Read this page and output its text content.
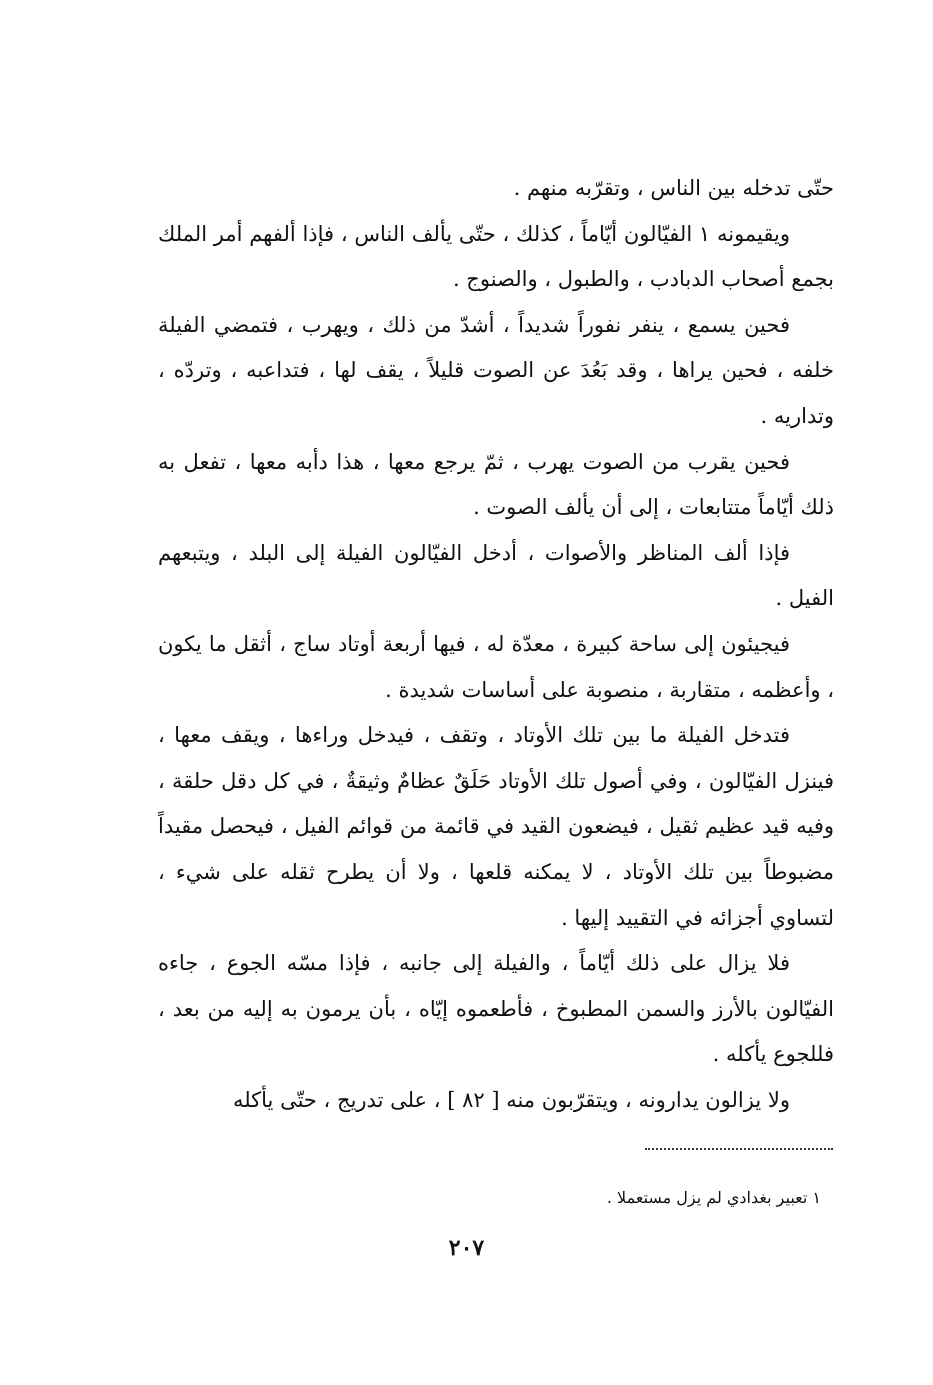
حتّى تدخله بين الناس ، وتقرّبه منهم .

ويقيمونه ١ الفيّالون أيّاماً ، كذلك ، حتّى يألف الناس ، فإذا ألفهم أمر الملك بجمع أصحاب الدبادب ، والطبول ، والصنوج .

فحين يسمع ، ينفر نفوراً شديداً ، أشدّ من ذلك ، ويهرب ، فتمضي الفيلة خلفه ، فحين يراها ، وقد بَعُدَ عن الصوت قليلاً ، يقف لها ، فتداعبه ، وتردّه ، وتداريه .

فحين يقرب من الصوت يهرب ، ثمّ يرجع معها ، هذا دأبه معها ، تفعل به ذلك أيّاماً متتابعات ، إلى أن يألف الصوت .

فإذا ألف المناظر والأصوات ، أدخل الفيّالون الفيلة إلى البلد ، ويتبعهم الفيل .

فيجيئون إلى ساحة كبيرة ، معدّة له ، فيها أربعة أوتاد ساج ، أثقل ما يكون ، وأعظمه ، متقاربة ، منصوبة على أساسات شديدة .

فتدخل الفيلة ما بين تلك الأوتاد ، وتقف ، فيدخل وراءها ، ويقف معها ، فينزل الفيّالون ، وفي أصول تلك الأوتاد حَلَقٌ عظامٌ وثيقةٌ ، في كل دقل حلقة ، وفيه قيد عظيم ثقيل ، فيضعون القيد في قائمة من قوائم الفيل ، فيحصل مقيداً مضبوطاً بين تلك الأوتاد ، لا يمكنه قلعها ، ولا أن يطرح ثقله على شيء ، لتساوي أجزائه في التقييد إليها .

فلا يزال على ذلك أيّاماً ، والفيلة إلى جانبه ، فإذا مسّه الجوع ، جاءه الفيّالون بالأرز والسمن المطبوخ ، فأطعموه إيّاه ، بأن يرمون به إليه من بعد ، فللجوع يأكله .

ولا يزالون يدارونه ، ويتقرّبون منه [ ٨٢ ] ، على تدريج ، حتّى يأكله

١ تعبير بغدادي لم يزل مستعملا .
٢٠٧
